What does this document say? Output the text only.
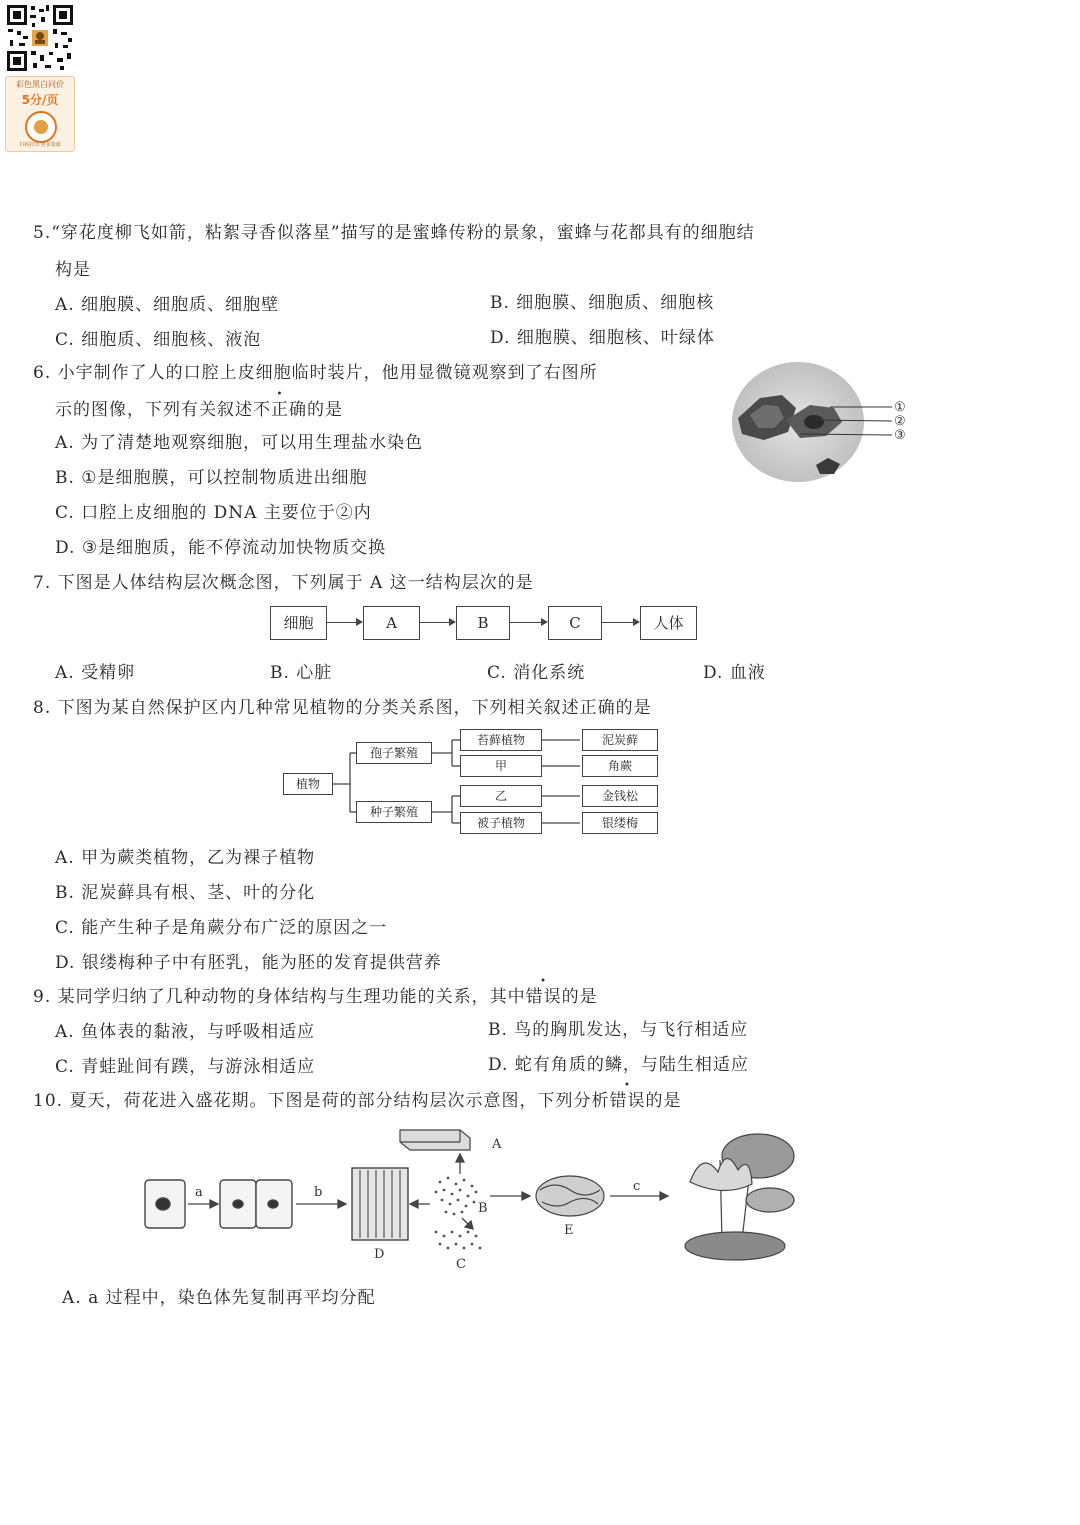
彩色黑白同价
5分/页
扫码打印 更多资源
5.“穿花度柳飞如箭，粘絮寻香似落星”描写的是蜜蜂传粉的景象，蜜蜂与花都具有的细胞结
构是
A. 细胞膜、细胞质、细胞壁	B. 细胞膜、细胞质、细胞核
C. 细胞质、细胞核、液泡	D. 细胞膜、细胞核、叶绿体
6. 小宇制作了人的口腔上皮细胞临时装片，他用显微镜观察到了右图所
示的图像，下列有关叙述不正确的是
A. 为了清楚地观察细胞，可以用生理盐水染色
B. ①是细胞膜，可以控制物质进出细胞
C. 口腔上皮细胞的 DNA 主要位于②内
D. ③是细胞质，能不停流动加快物质交换
①
②
③
7. 下图是人体结构层次概念图，下列属于 A 这一结构层次的是
细胞	A	B	C	人体
A. 受精卵	B. 心脏	C. 消化系统	D. 血液
8. 下图为某自然保护区内几种常见植物的分类关系图，下列相关叙述正确的是
植物
孢子繁殖
种子繁殖
苔藓植物
甲
乙
被子植物
泥炭藓
角蕨
金钱松
银缕梅
A. 甲为蕨类植物，乙为裸子植物
B. 泥炭藓具有根、茎、叶的分化
C. 能产生种子是角蕨分布广泛的原因之一
D. 银缕梅种子中有胚乳，能为胚的发育提供营养
9. 某同学归纳了几种动物的身体结构与生理功能的关系，其中错误的是
A. 鱼体表的黏液，与呼吸相适应	B. 鸟的胸肌发达，与飞行相适应
C. 青蛙趾间有蹼，与游泳相适应	D. 蛇有角质的鳞，与陆生相适应
10. 夏天，荷花进入盛花期。下图是荷的部分结构层次示意图，下列分析错误的是
a	b	c
A
B
C
D
E
A. a 过程中，染色体先复制再平均分配
